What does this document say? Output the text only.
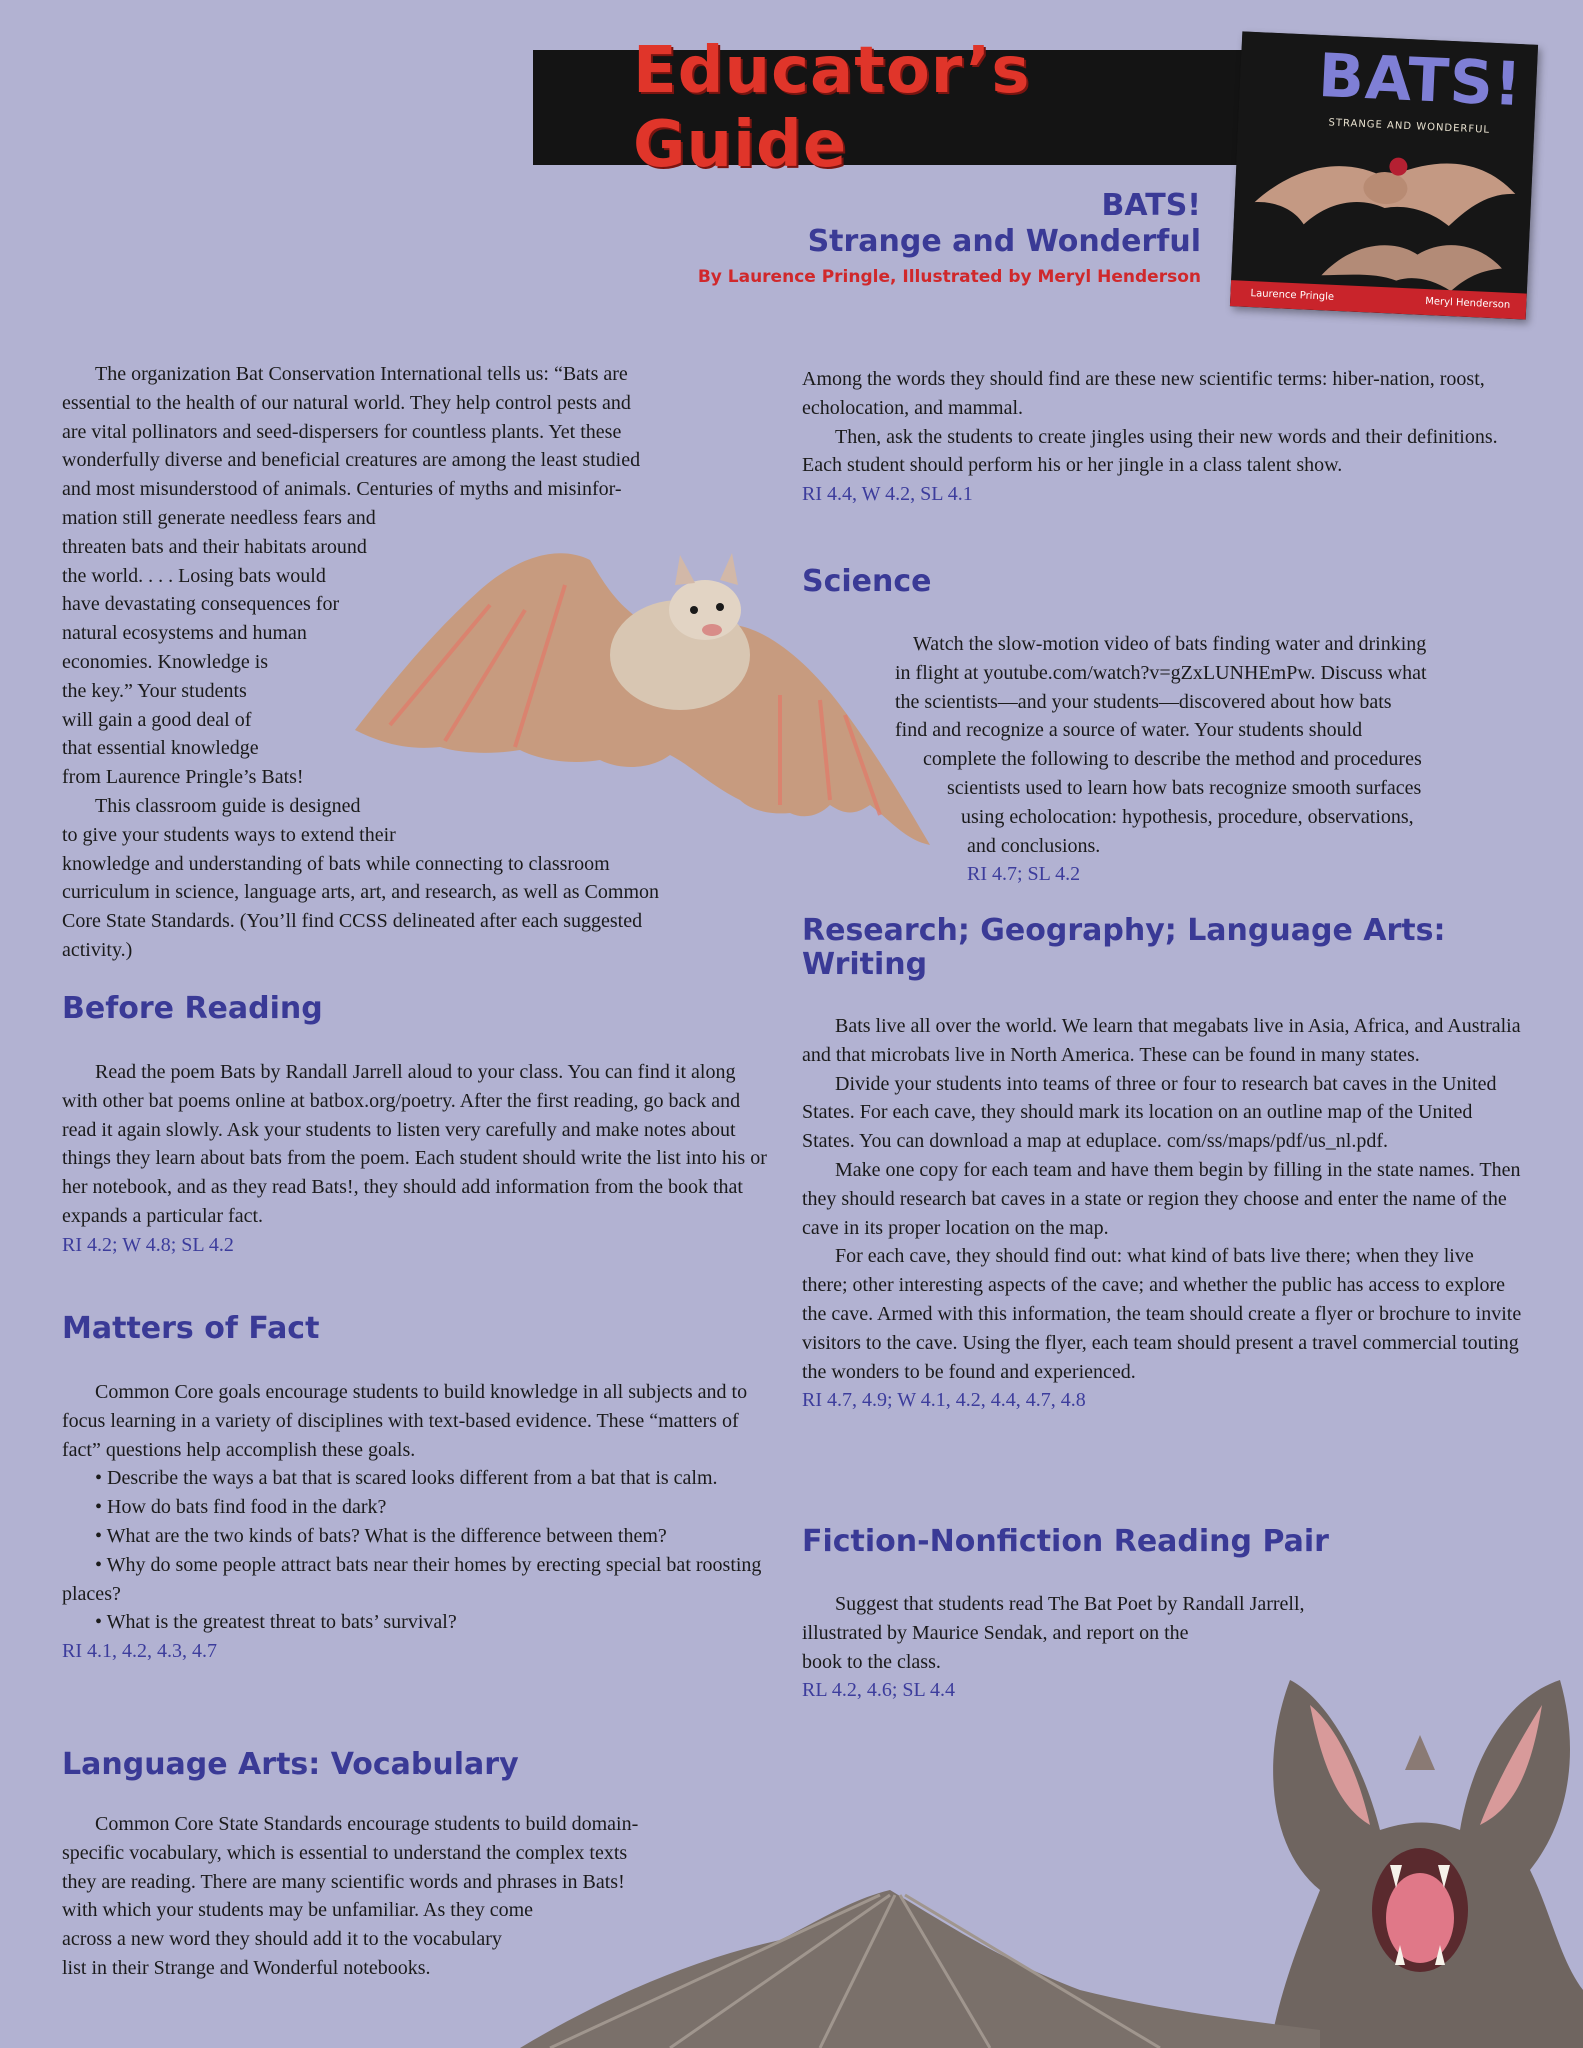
Educator’s Guide
BATS!
STRANGE AND WONDERFUL
Laurence Pringle
Meryl Henderson
BATS!
Strange and Wonderful
By Laurence Pringle, Illustrated by Meryl Henderson

The organization Bat Conservation International tells us: “Bats are

essential to the health of our natural world. They help control pests and

are vital pollinators and seed-dispersers for countless plants. Yet these

wonderfully diverse and beneficial creatures are among the least studied

and most misunderstood of animals. Centuries of myths and misinfor-

mation still generate needless fears and

threaten bats and their habitats around

the world. . . . Losing bats would

have devastating consequences for

natural ecosystems and human

economies. Knowledge is

the key.” Your students

will gain a good deal of

that essential knowledge

from Laurence Pringle’s Bats!

This classroom guide is designed

to give your students ways to extend their

knowledge and understanding of bats while connecting to classroom

curriculum in science, language arts, art, and research, as well as Common

Core State Standards. (You’ll find CCSS delineated after each suggested

activity.)

Before Reading

Read the poem Bats by Randall Jarrell aloud to your class. You can find it along with other bat poems online at batbox.org/poetry. After the first reading, go back and read it again slowly. Ask your students to listen very carefully and make notes about things they learn about bats from the poem. Each student should write the list into his or her notebook, and as they read Bats!, they should add information from the book that expands a particular fact.

RI 4.2; W 4.8; SL 4.2

Matters of Fact

Common Core goals encourage students to build knowledge in all subjects and to focus learning in a variety of disciplines with text-based evidence. These “matters of fact” questions help accomplish these goals.

• Describe the ways a bat that is scared looks different from a bat that is calm.

• How do bats find food in the dark?

• What are the two kinds of bats? What is the difference between them?

• Why do some people attract bats near their homes by erecting special bat roosting places?

• What is the greatest threat to bats’ survival?

RI 4.1, 4.2, 4.3, 4.7

Language Arts: Vocabulary

Common Core State Standards encourage students to build domain-

specific vocabulary, which is essential to understand the complex texts

they are reading. There are many scientific words and phrases in Bats!

with which your students may be unfamiliar. As they come

across a new word they should add it to the vocabulary

list in their Strange and Wonderful notebooks.

Among the words they should find are these new scientific terms: hiber-nation, roost, echolocation, and mammal.

Then, ask the students to create jingles using their new words and their definitions. Each student should perform his or her jingle in a class talent show.

RI 4.4, W 4.2, SL 4.1

Science

Watch the slow-motion video of bats finding water and drinking

in flight at youtube.com/watch?v=gZxLUNHEmPw. Discuss what

the scientists—and your students—discovered about how bats

find and recognize a source of water. Your students should

complete the following to describe the method and procedures

scientists used to learn how bats recognize smooth surfaces

using echolocation: hypothesis, procedure, observations,

and conclusions.

RI 4.7; SL 4.2

Research; Geography; Language Arts:
Writing

Bats live all over the world. We learn that megabats live in Asia, Africa, and Australia and that microbats live in North America. These can be found in many states.

Divide your students into teams of three or four to research bat caves in the United States. For each cave, they should mark its location on an outline map of the United States. You can download a map at eduplace. com/ss/maps/pdf/us_nl.pdf.

Make one copy for each team and have them begin by filling in the state names. Then they should research bat caves in a state or region they choose and enter the name of the cave in its proper location on the map.

For each cave, they should find out: what kind of bats live there; when they live there; other interesting aspects of the cave; and whether the public has access to explore the cave. Armed with this information, the team should create a flyer or brochure to invite visitors to the cave. Using the flyer, each team should present a travel commercial touting the wonders to be found and experienced.

RI 4.7, 4.9; W 4.1, 4.2, 4.4, 4.7, 4.8

Fiction-Nonfiction Reading Pair

Suggest that students read The Bat Poet by Randall Jarrell,

illustrated by Maurice Sendak, and report on the

book to the class.

RL 4.2, 4.6; SL 4.4
